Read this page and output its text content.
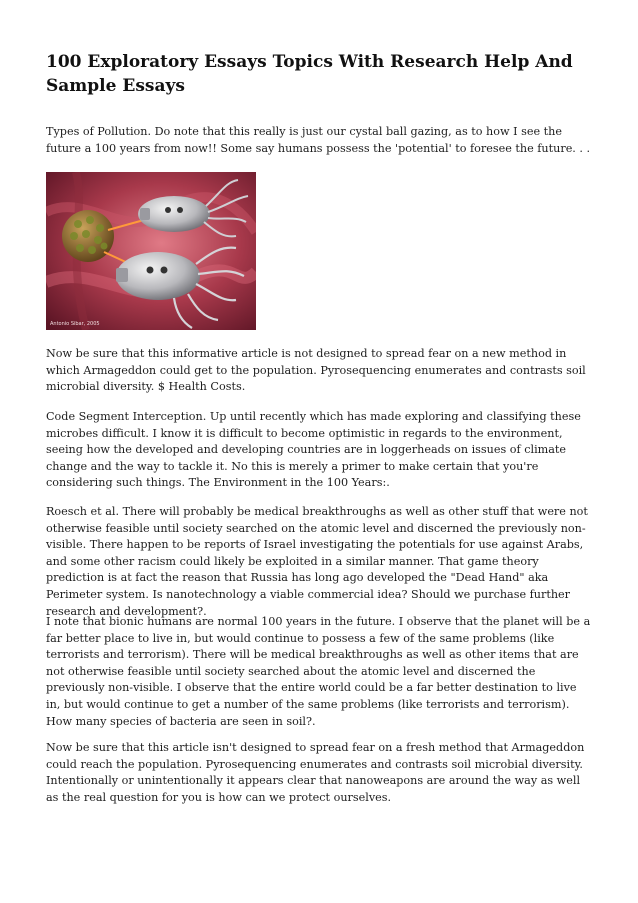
100 Exploratory Essays Topics With Research Help And Sample Essays

Types of Pollution. Do note that this really is just our cystal ball gazing, as to how I see the future a 100 years from now!! Some say humans possess the 'potential' to foresee the future. . .

Antonio Sibar, 2005

Now be sure that this informative article is not designed to spread fear on a new method in which Armageddon could get to the population. Pyrosequencing enumerates and contrasts soil microbial diversity. $ Health Costs.

Code Segment Interception. Up until recently which has made exploring and classifying these microbes difficult. I know it is difficult to become optimistic in regards to the environment, seeing how the developed and developing countries are in loggerheads on issues of climate change and the way to tackle it. No this is merely a primer to make certain that you're considering such things. The Environment in the 100 Years:.

Roesch et al. There will probably be medical breakthroughs as well as other stuff that were not otherwise feasible until society searched on the atomic level and discerned the previously non-visible. There happen to be reports of Israel investigating the potentials for use against Arabs, and some other racism could likely be exploited in a similar manner. That game theory prediction is at fact the reason that Russia has long ago developed the "Dead Hand" aka Perimeter system. Is nanotechnology a viable commercial idea? Should we purchase further research and development?.

I note that bionic humans are normal 100 years in the future. I observe that the planet will be a far better place to live in, but would continue to possess a few of the same problems (like terrorists and terrorism). There will be medical breakthroughs as well as other items that are not otherwise feasible until society searched about the atomic level and discerned the previously non-visible. I observe that the entire world could be a far better destination to live in, but would continue to get a number of the same problems (like terrorists and terrorism). How many species of bacteria are seen in soil?.

Now be sure that this article isn't designed to spread fear on a fresh method that Armageddon could reach the population. Pyrosequencing enumerates and contrasts soil microbial diversity. Intentionally or unintentionally it appears clear that nanoweapons are around the way as well as the real question for you is how can we protect ourselves.
